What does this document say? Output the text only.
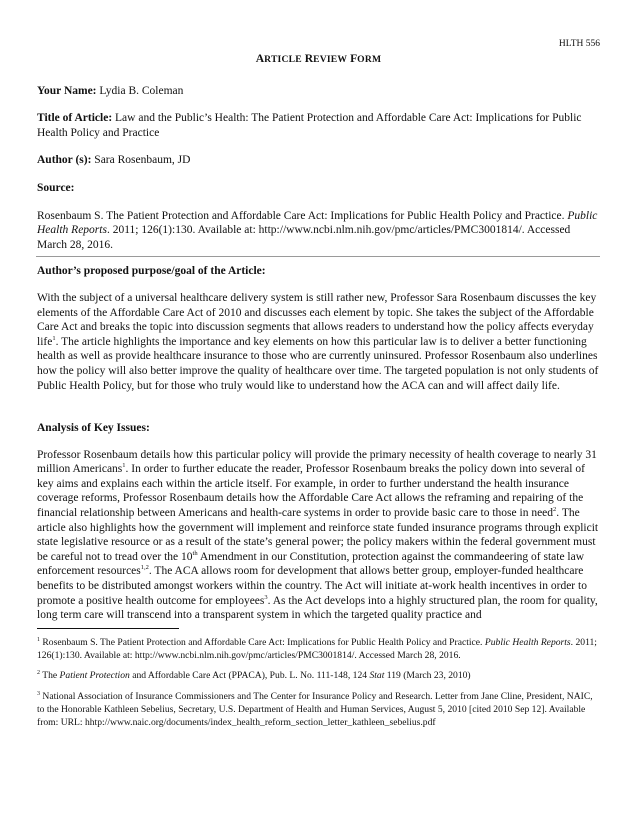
HLTH 556

ARTICLE REVIEW FORM

Your Name: Lydia B. Coleman

Title of Article: Law and the Public’s Health: The Patient Protection and Affordable Care Act: Implications for Public Health Policy and Practice

Author (s): Sara Rosenbaum, JD

Source:

Rosenbaum S. The Patient Protection and Affordable Care Act: Implications for Public Health Policy and Practice. Public Health Reports. 2011; 126(1):130. Available at: http://www.ncbi.nlm.nih.gov/pmc/articles/PMC3001814/. Accessed March 28, 2016.

Author’s proposed purpose/goal of the Article:

With the subject of a universal healthcare delivery system is still rather new, Professor Sara Rosenbaum discusses the key elements of the Affordable Care Act of 2010 and discusses each element by topic. She takes the subject of the Affordable Care Act and breaks the topic into discussion segments that allows readers to understand how the policy affects everyday life$^1$. The article highlights the importance and key elements on how this particular law is to deliver a better functioning health as well as provide healthcare insurance to those who are currently uninsured. Professor Rosenbaum also underlines how the policy will also better improve the quality of healthcare over time. The targeted population is not only students of Public Health Policy, but for those who truly would like to understand how the ACA can and will affect daily life.

Analysis of Key Issues:

Professor Rosenbaum details how this particular policy will provide the primary necessity of health coverage to nearly 31 million Americans$^1$. In order to further educate the reader, Professor Rosenbaum breaks the policy down into several of key aims and explains each within the article itself. For example, in order to further understand the health insurance coverage reforms, Professor Rosenbaum details how the Affordable Care Act allows the reframing and repairing of the financial relationship between Americans and health-care systems in order to provide basic care to those in need$^2$. The article also highlights how the government will implement and reinforce state funded insurance programs through explicit state legislative resource or as a result of the state’s general power; the policy makers within the federal government must be careful not to tread over the 10th Amendment in our Constitution, protection against the commandeering of state law enforcement resources$^{1,2}$. The ACA allows room for development that allows better group, employer-funded healthcare benefits to be distributed amongst workers within the country. The Act will initiate at-work health incentives in order to promote a positive health outcome for employees$^3$. As the Act develops into a highly structured plan, the room for quality, long term care will transcend into a transparent system in which the targeted quality practice and

$^1$ Rosenbaum S. The Patient Protection and Affordable Care Act: Implications for Public Health Policy and Practice. Public Health Reports. 2011; 126(1):130. Available at: http://www.ncbi.nlm.nih.gov/pmc/articles/PMC3001814/. Accessed March 28, 2016.

$^2$ The Patient Protection and Affordable Care Act (PPACA), Pub. L. No. 111-148, 124 Stat 119 (March 23, 2010)

$^3$ National Association of Insurance Commissioners and The Center for Insurance Policy and Research. Letter from Jane Cline, President, NAIC, to the Honorable Kathleen Sebelius, Secretary, U.S. Department of Health and Human Services, August 5, 2010 [cited 2010 Sep 12]. Available from: URL: hhtp://www.naic.org/documents/index_health_reform_section_letter_kathleen_sebelius.pdf
